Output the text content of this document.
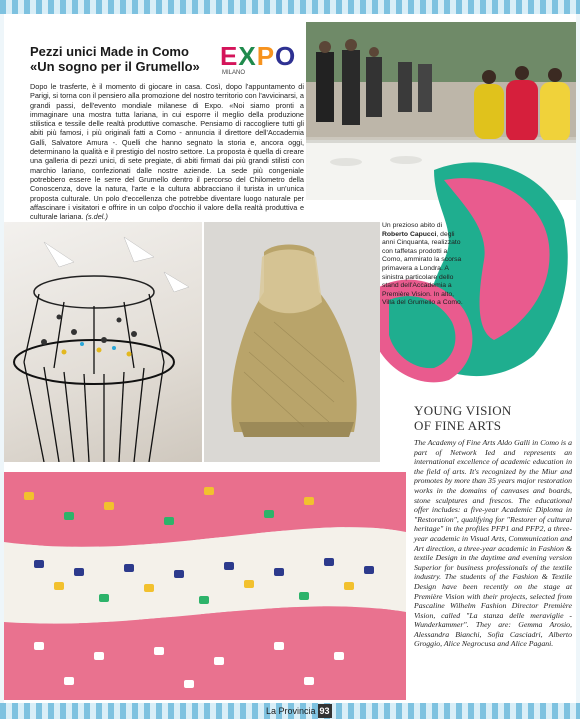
Pezzi unici Made in Como
«Un sogno per il Grumello» EXPO
MILANO
Dopo le trasferte, è il momento di giocare in casa. Così, dopo l'appuntamento di Parigi, si torna con il pensiero alla promozione del nostro territorio con l'avvicinarsi, a grandi passi, dell'evento mondiale milanese di Expo. «Noi siamo pronti a immaginare una mostra tutta lariana, in cui esporre il meglio della produzione stilistica e tessile delle realtà produttive comasche. Pensiamo di raccogliere tutti gli abiti più famosi, i più originali fatti a Como - annuncia il direttore dell'Accademia Galli, Salvatore Amura -. Quelli che hanno segnato la storia e, ancora oggi, determinano la qualità e il prestigio del nostro settore. La proposta è quella di creare una galleria di pezzi unici, di sete pregiate, di abiti firmati dai più grandi stilisti con marchio lariano, confezionati dalle nostre aziende. La sede più congeniale potrebbero essere le serre del Grumello dentro il percorso del Chilometro della Conoscenza, dove la natura, l'arte e la cultura abbracciano il turista in un'unica proposta culturale. Un polo d'eccellenza che potrebbe diventare luogo naturale per affascinare i visitatori e offrire in un colpo d'occhio il valore della realtà produttiva e culturale lariana. (s.del.)
Un prezioso abito di Roberto Capucci, degli anni Cinquanta, realizzato con taffetas prodotti a Como, ammirato la scorsa primavera a Londra. A sinistra particolare dello stand dell'Accademia a Première Vision. In alto, Villa del Grumello a Como.
YOUNG VISION
OF FINE ARTS
The Academy of Fine Arts Aldo Galli in Como is a part of Network Ied and represents an international excellence of academic education in the field of arts. It's recognized by the Miur and promotes by more than 35 years major restoration works in the domains of canvases and boards, stone sculptures and frescos. The educational offer includes: a five-year Academic Diploma in "Restoration", qualifying for "Restorer of cultural heritage" in the profiles PFP1 and PFP2, a three-year academic in Visual Arts, Communication and Art direction, a three-year academic in Fashion & textile Design in the daytime and evening version Superior for business professionals of the textile industry. The students of the Fashion & Textile Design have been recently on the stage at Première Vision with their projects, selected from Pascaline Wilhelm Fashion Director Première Vision, called "La stanza delle meraviglie - Wunderkammer". They are: Gemma Arosio, Alessandra Bianchi, Sofia Casciadri, Alberto Groggio, Alice Negrocusa and Alice Pagani.
La Provincia 93
